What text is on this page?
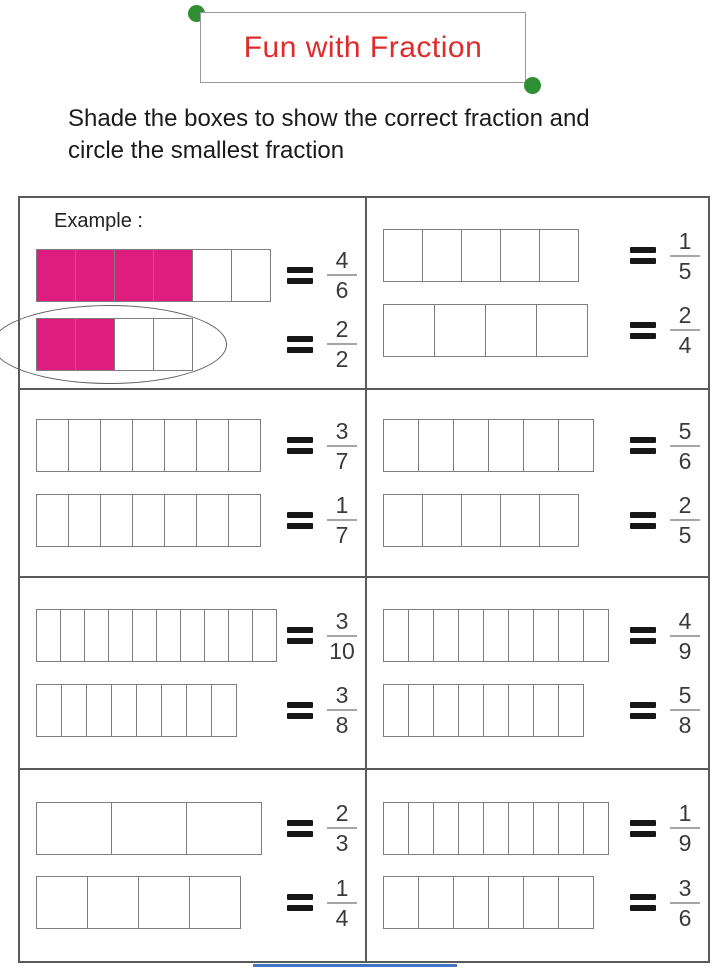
Fun with Fraction
Shade the boxes to show the correct fraction and
circle the smallest fraction
Example :
$\frac{4}{6}$
$\frac{2}{2}$
$\frac{1}{5}$
$\frac{2}{4}$
$\frac{3}{7}$
$\frac{1}{7}$
$\frac{5}{6}$
$\frac{2}{5}$
$\frac{3}{10}$
$\frac{3}{8}$
$\frac{4}{9}$
$\frac{5}{8}$
$\frac{2}{3}$
$\frac{1}{4}$
$\frac{1}{9}$
$\frac{3}{6}$
